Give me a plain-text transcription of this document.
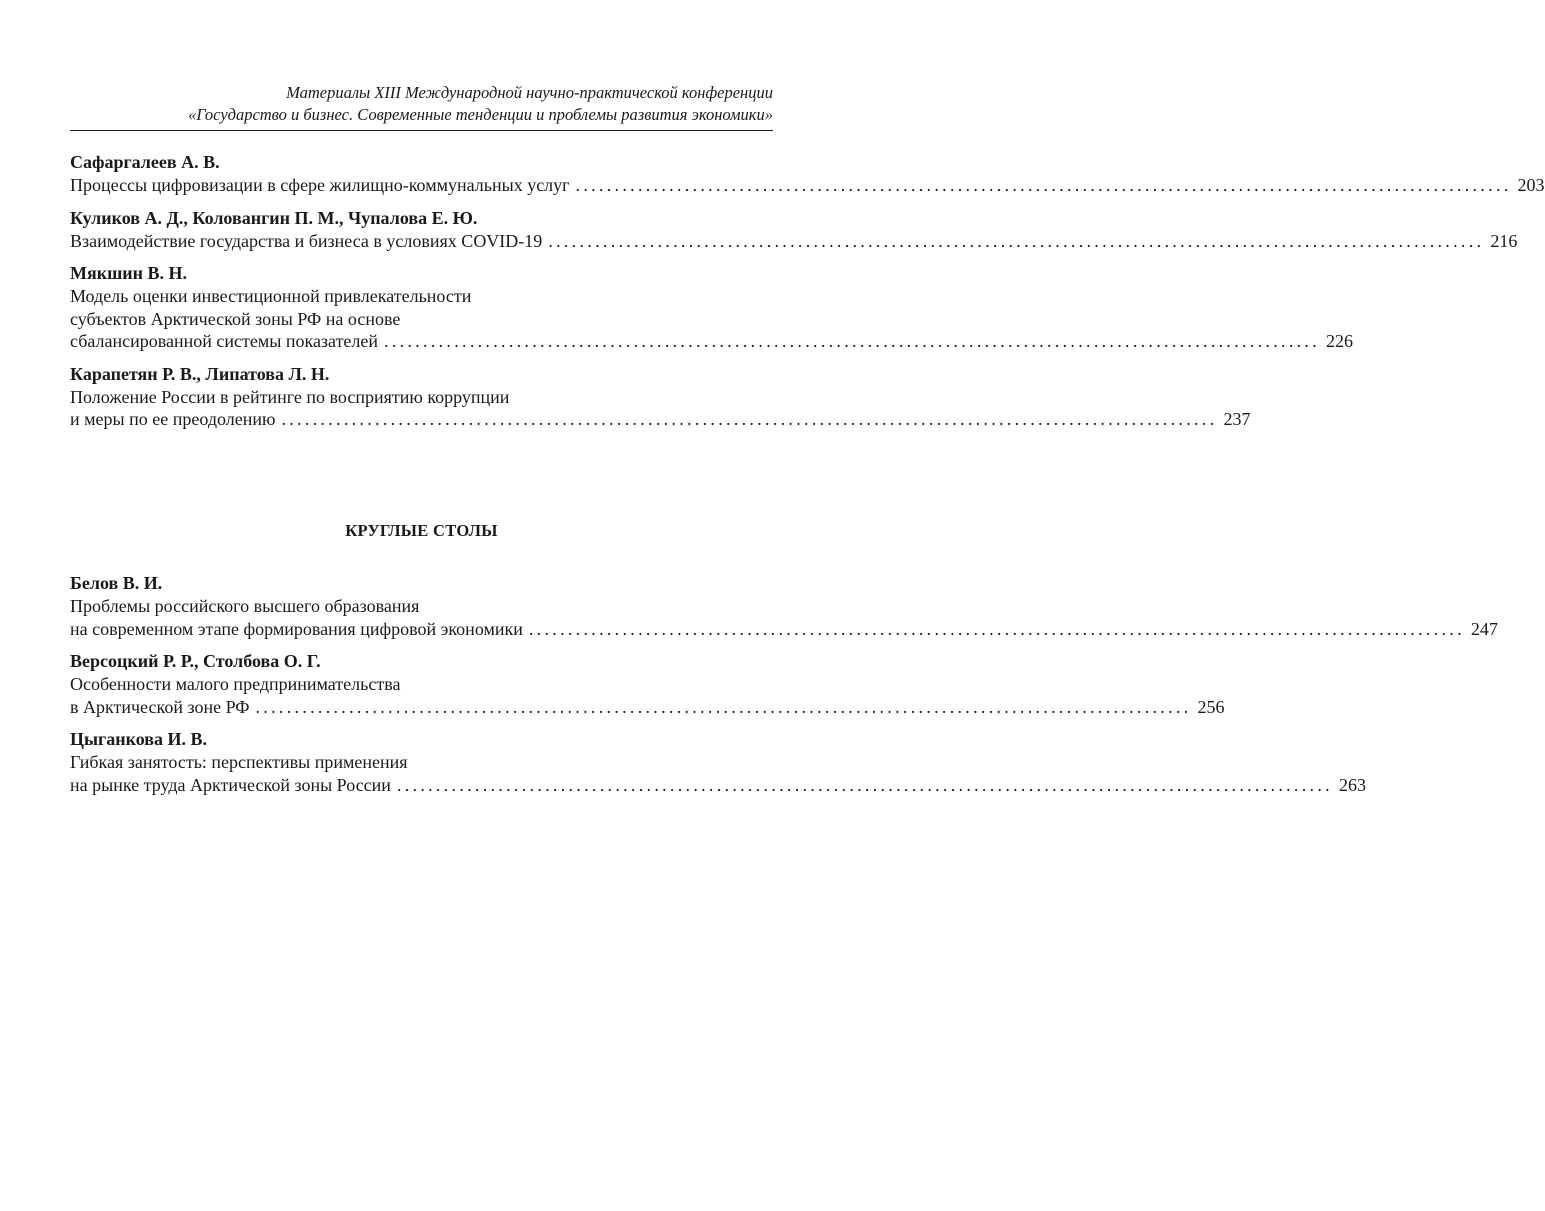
Материалы XIII Международной научно-практической конференции
«Государство и бизнес. Современные тенденции и проблемы развития экономики»
Сафаргалеев А. В.
Процессы цифровизации в сфере жилищно-коммунальных услуг ........................................................................................................................ 203
Куликов А. Д., Коловангин П. М., Чупалова Е. Ю.
Взаимодействие государства и бизнеса в условиях COVID-19 ........................................................................................................................ 216
Мякшин В. Н.
Модель оценки инвестиционной привлекательности
субъектов Арктической зоны РФ на основе
сбалансированной системы показателей ........................................................................................................................ 226
Карапетян Р. В., Липатова Л. Н.
Положение России в рейтинге по восприятию коррупции
и меры по ее преодолению ........................................................................................................................ 237
КРУГЛЫЕ СТОЛЫ
Белов В. И.
Проблемы российского высшего образования
на современном этапе формирования цифровой экономики ........................................................................................................................ 247
Версоцкий Р. Р., Столбова О. Г.
Особенности малого предпринимательства
в Арктической зоне РФ ........................................................................................................................ 256
Цыганкова И. В.
Гибкая занятость: перспективы применения
на рынке труда Арктической зоны России ........................................................................................................................ 263
